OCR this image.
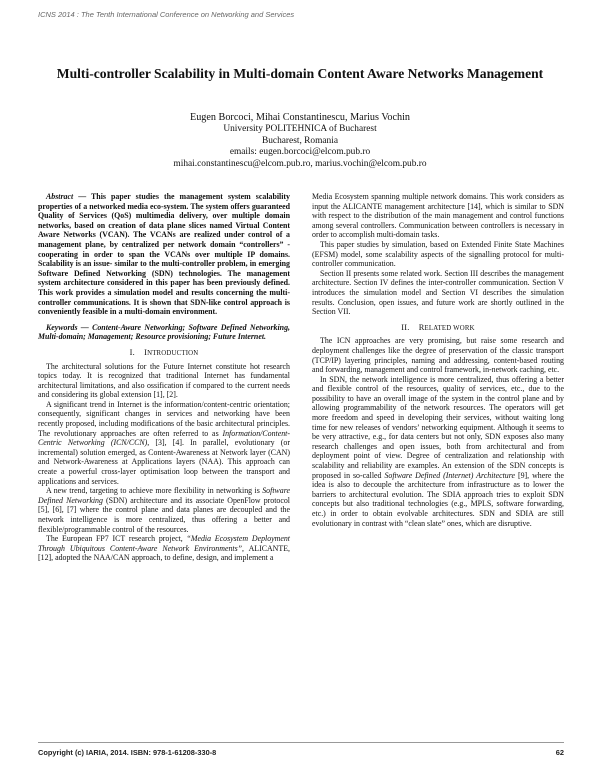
ICNS 2014 : The Tenth International Conference on Networking and Services
Multi-controller Scalability in Multi-domain Content Aware Networks Management
Eugen Borcoci, Mihai Constantinescu, Marius Vochin
University POLITEHNICA of Bucharest
Bucharest, Romania
emails: eugen.borcoci@elcom.pub.ro
mihai.constantinescu@elcom.pub.ro, marius.vochin@elcom.pub.ro

Abstract — This paper studies the management system scalability properties of a networked media eco-system. The system offers guaranteed Quality of Services (QoS) multimedia delivery, over multiple domain networks, based on creation of data plane slices named Virtual Content Aware Networks (VCAN). The VCANs are realized under control of a management plane, by centralized per network domain “controllers” - cooperating in order to span the VCANs over multiple IP domains. Scalability is an issue- similar to the multi-controller problem, in emerging Software Defined Networking (SDN) technologies. The management system architecture considered in this paper has been previously defined. This work provides a simulation model and results concerning the multi-controller communications. It is shown that SDN-like control approach is conveniently feasible in a multi-domain environment.

Keywords — Content-Aware Networking; Software Defined Networking, Multi-domain; Management; Resource provisioning; Future Internet.

I. INTRODUCTION

The architectural solutions for the Future Internet constitute hot research topics today. It is recognized that traditional Internet has fundamental architectural limitations, and also ossification if compared to the current needs and considering its global extension [1], [2].

A significant trend in Internet is the information/content-centric orientation; consequently, significant changes in services and networking have been recently proposed, including modifications of the basic architectural principles. The revolutionary approaches are often referred to as Information/Content-Centric Networking (ICN/CCN), [3], [4]. In parallel, evolutionary (or incremental) solution emerged, as Content-Awareness at Network layer (CAN) and Network-Awareness at Applications layers (NAA). This approach can create a powerful cross-layer optimisation loop between the transport and applications and services.

A new trend, targeting to achieve more flexibility in networking is Software Defined Networking (SDN) architecture and its associate OpenFlow protocol [5], [6], [7] where the control plane and data planes are decoupled and the network intelligence is more centralized, thus offering a better and flexible/programmable control of the resources.

The European FP7 ICT research project, “Media Ecosystem Deployment Through Ubiquitous Content-Aware Network Environments”, ALICANTE, [12], adopted the NAA/CAN approach, to define, design, and implement a

Media Ecosystem spanning multiple network domains. This work considers as input the ALICANTE management architecture [14], which is similar to SDN with respect to the distribution of the main management and control functions among several controllers. Communication between controllers is necessary in order to accomplish multi-domain tasks.

This paper studies by simulation, based on Extended Finite State Machines (EFSM) model, some scalability aspects of the signalling protocol for multi-controller communication.

Section II presents some related work. Section III describes the management architecture. Section IV defines the inter-controller communication. Section V introduces the simulation model and Section VI describes the simulation results. Conclusion, open issues, and future work are shortly outlined in the Section VII.

II. RELATED WORK

The ICN approaches are very promising, but raise some research and deployment challenges like the degree of preservation of the classic transport (TCP/IP) layering principles, naming and addressing, content-based routing and forwarding, management and control framework, in-network caching, etc.

In SDN, the network intelligence is more centralized, thus offering a better and flexible control of the resources, quality of services, etc., due to the possibility to have an overall image of the system in the control plane and by allowing programmability of the network resources. The operators will get more freedom and speed in developing their services, without waiting long time for new releases of vendors’ networking equipment. Although it seems to be very attractive, e.g., for data centers but not only, SDN exposes also many research challenges and open issues, both from architectural and from deployment point of view. Degree of centralization and relationship with scalability and reliability are examples. An extension of the SDN concepts is proposed in so-called Software Defined (Internet) Architecture [9], where the idea is also to decouple the architecture from infrastructure as to lower the barriers to architectural evolution. The SDIA approach tries to exploit SDN concepts but also traditional technologies (e.g., MPLS, software forwarding, etc.) in order to obtain evolvable architectures. SDN and SDIA are still evolutionary in contrast with “clean slate” ones, which are disruptive.

Copyright (c) IARIA, 2014. ISBN: 978-1-61208-330-8	62
